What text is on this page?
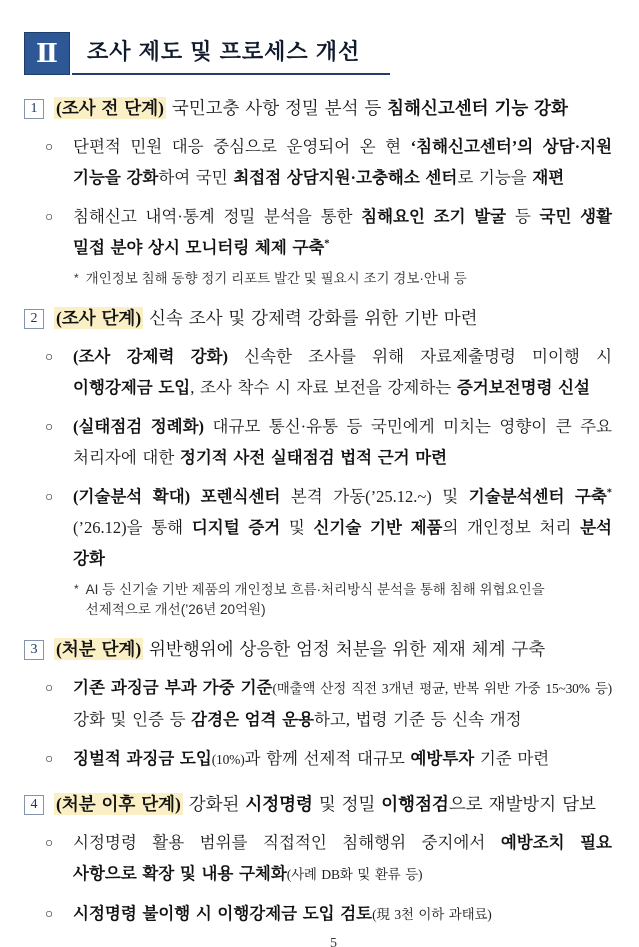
Ⅱ 조사 제도 및 프로세스 개선
1 (조사 전 단계) 국민고충 사항 정밀 분석 등 침해신고센터 기능 강화
○	단편적 민원 대응 중심으로 운영되어 온 현 ‘침해신고센터’의 상담·지원 기능을 강화하여 국민 최접점 상담지원·고충해소 센터로 기능을 재편
○	침해신고 내역·통계 정밀 분석을 통한 침해요인 조기 발굴 등 국민 생활 밀접 분야 상시 모니터링 체제 구축*
* 개인정보 침해 동향 정기 리포트 발간 및 필요시 조기 경보·안내 등
2 (조사 단계) 신속 조사 및 강제력 강화를 위한 기반 마련
○	(조사 강제력 강화) 신속한 조사를 위해 자료제출명령 미이행 시 이행강제금 도입, 조사 착수 시 자료 보전을 강제하는 증거보전명령 신설
○	(실태점검 정례화) 대규모 통신·유통 등 국민에게 미치는 영향이 큰 주요 처리자에 대한 정기적 사전 실태점검 법적 근거 마련
○	(기술분석 확대) 포렌식센터 본격 가동(’25.12.~) 및 기술분석센터 구축*(’26.12)을 통해 디지털 증거 및 신기술 기반 제품의 개인정보 처리 분석 강화
* AI 등 신기술 기반 제품의 개인정보 흐름·처리방식 분석을 통해 침해 위협요인을 선제적으로 개선(’26년 20억원)
3 (처분 단계) 위반행위에 상응한 엄정 처분을 위한 제재 체계 구축
○	기존 과징금 부과 가중 기준(매출액 산정 직전 3개년 평균, 반복 위반 가중 15~30% 등) 강화 및 인증 등 감경은 엄격 운용하고, 법령 기준 등 신속 개정
○	징벌적 과징금 도입(10%)과 함께 선제적 대규모 예방투자 기준 마련
4 (처분 이후 단계) 강화된 시정명령 및 정밀 이행점검으로 재발방지 담보
○	시정명령 활용 범위를 직접적인 침해행위 중지에서 예방조치 필요 사항으로 확장 및 내용 구체화(사례 DB화 및 환류 등)
○	시정명령 불이행 시 이행강제금 도입 검토(現 3천 이하 과태료)
5
